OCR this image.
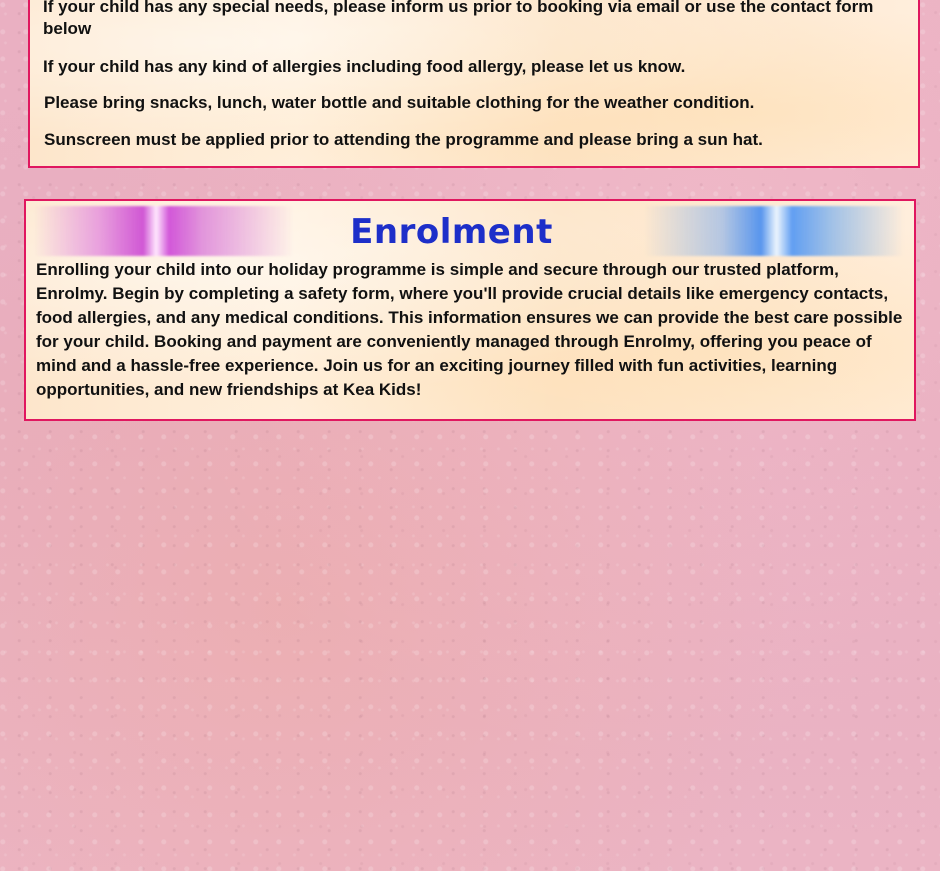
If your child has any special needs, please inform us prior to booking via email or use the contact form below

If your child has any kind of allergies including food allergy, please let us know.

Please bring snacks, lunch, water bottle and suitable clothing for the weather condition.

Sunscreen must be applied prior to attending the programme and please bring a sun hat.

Enrolment

Enrolling your child into our holiday programme is simple and secure through our trusted platform, Enrolmy. Begin by completing a safety form, where you'll provide crucial details like emergency contacts, food allergies, and any medical conditions. This information ensures we can provide the best care possible for your child. Booking and payment are conveniently managed through Enrolmy, offering you peace of mind and a hassle-free experience. Join us for an exciting journey filled with fun activities, learning opportunities, and new friendships at Kea Kids!
